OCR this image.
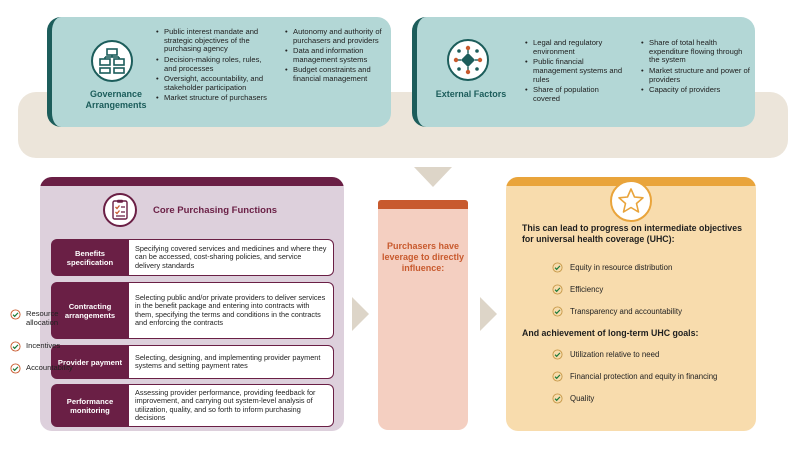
Governance Arrangements
• Public interest mandate and strategic objectives of the purchasing agency
• Decision-making roles, rules, and processes
• Oversight, accountability, and stakeholder participation
• Market structure of purchasers
• Autonomy and authority of purchasers and providers
• Data and information management systems
• Budget constraints and financial management
External Factors
• Legal and regulatory environment
• Public financial management systems and rules
• Share of population covered
• Share of total health expenditure flowing through the system
• Market structure and power of providers
• Capacity of providers
Core Purchasing Functions
Benefits specification
Specifying covered services and medicines and where they can be accessed, cost-sharing policies, and service delivery standards
Contracting arrangements
Selecting public and/or private providers to deliver services in the benefit package and entering into contracts with them, specifying the terms and conditions in the contracts and enforcing the contracts
Provider payment
Selecting, designing, and implementing provider payment systems and setting payment rates
Performance monitoring
Assessing provider performance, providing feedback for improvement, and carrying out system-level analysis of utilization, quality, and so forth to inform purchasing decisions
Purchasers have leverage to directly influence:
Resource allocation
Incentives
Accountability
This can lead to progress on intermediate objectives for universal health coverage (UHC):
Equity in resource distribution
Efficiency
Transparency and accountability
And achievement of long-term UHC goals:
Utilization relative to need
Financial protection and equity in financing
Quality
